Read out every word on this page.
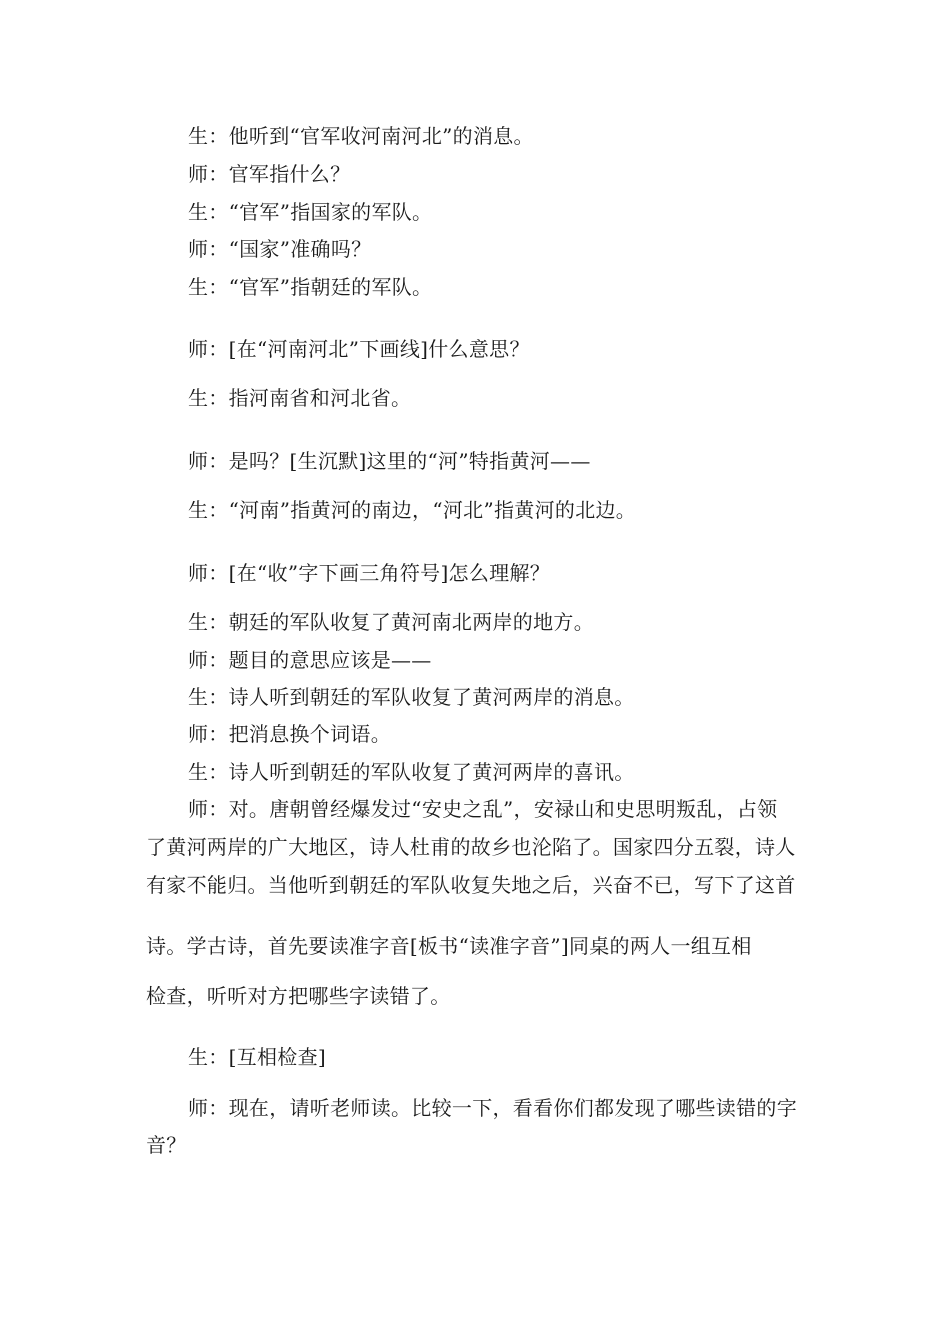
生：他听到“官军收河南河北”的消息。
师：官军指什么？
生：“官军”指国家的军队。
师：“国家”准确吗？
生：“官军”指朝廷的军队。
师：[在“河南河北”下画线]什么意思？
生：指河南省和河北省。
师：是吗？[生沉默]这里的“河”特指黄河——
生：“河南”指黄河的南边，“河北”指黄河的北边。
师：[在“收”字下画三角符号]怎么理解？
生：朝廷的军队收复了黄河南北两岸的地方。
师：题目的意思应该是——
生：诗人听到朝廷的军队收复了黄河两岸的消息。
师：把消息换个词语。
生：诗人听到朝廷的军队收复了黄河两岸的喜讯。
师：对。唐朝曾经爆发过“安史之乱”，安禄山和史思明叛乱，占领
了黄河两岸的广大地区，诗人杜甫的故乡也沦陷了。国家四分五裂，诗人
有家不能归。当他听到朝廷的军队收复失地之后，兴奋不已，写下了这首
诗。学古诗，首先要读准字音[板书“读准字音”]同桌的两人一组互相
检查，听听对方把哪些字读错了。
生：[互相检查]
师：现在，请听老师读。比较一下，看看你们都发现了哪些读错的字
音？
